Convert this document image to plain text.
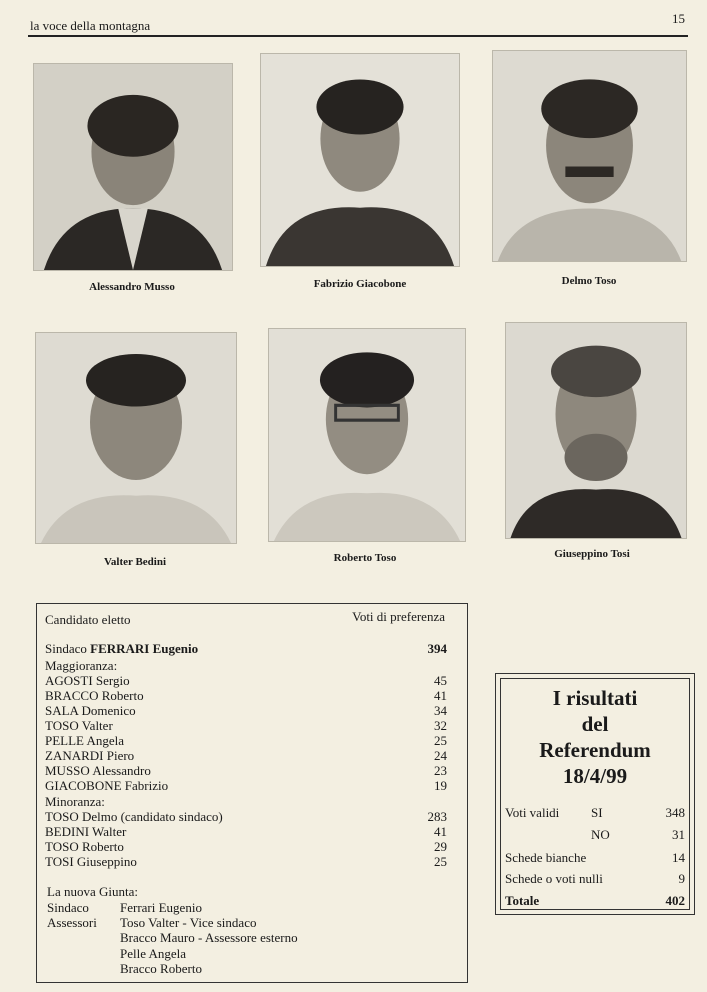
la voce della montagna	15
Alessandro Musso	Fabrizio Giacobone	Delmo Toso
Valter Bedini	Roberto Toso	Giuseppino Tosi
Candidato eletto	Voti di preferenza
Sindaco FERRARI Eugenio	394
Maggioranza:
AGOSTI Sergio	45
BRACCO Roberto	41
SALA Domenico	34
TOSO Valter	32
PELLE Angela	25
ZANARDI Piero	24
MUSSO Alessandro	23
GIACOBONE Fabrizio	19
Minoranza:
TOSO Delmo (candidato sindaco)	283
BEDINI Walter	41
TOSO Roberto	29
TOSI Giuseppino	25
La nuova Giunta:
Sindaco Ferrari Eugenio
Assessori Toso Valter - Vice sindaco
Bracco Mauro - Assessore esterno
Pelle Angela
Bracco Roberto
I risultati
del
Referendum
18/4/99
Voti validi SI	348
NO	31
Schede bianche	14
Schede o voti nulli	9
Totale	402
